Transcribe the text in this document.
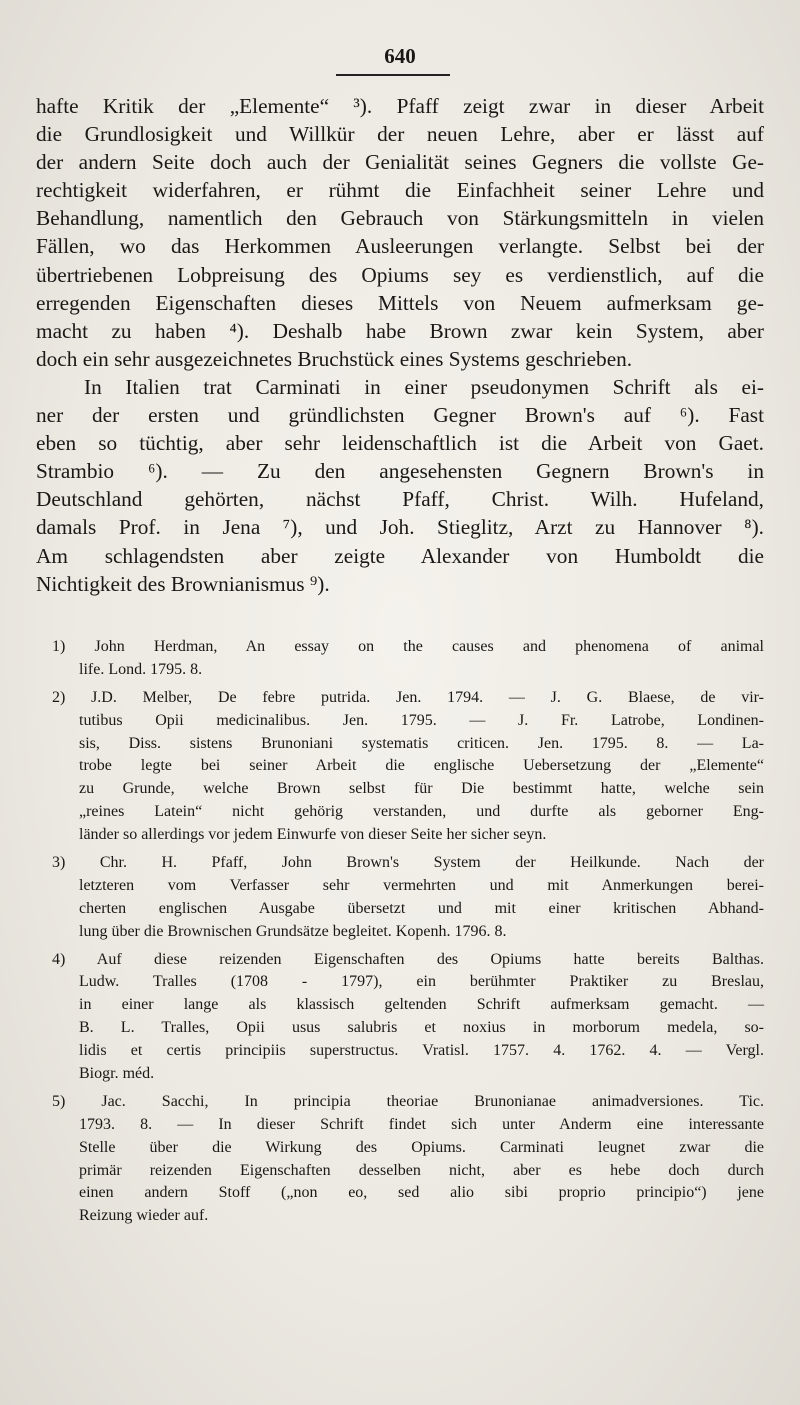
640
hafte Kritik der „Elemente“ ³). Pfaff zeigt zwar in dieser Arbeit
die Grundlosigkeit und Willkür der neuen Lehre, aber er lässt auf
der andern Seite doch auch der Genialität seines Gegners die vollste Ge-
rechtigkeit widerfahren, er rühmt die Einfachheit seiner Lehre und
Behandlung, namentlich den Gebrauch von Stärkungsmitteln in vielen
Fällen, wo das Herkommen Ausleerungen verlangte. Selbst bei der
übertriebenen Lobpreisung des Opiums sey es verdienstlich, auf die
erregenden Eigenschaften dieses Mittels von Neuem aufmerksam ge-
macht zu haben ⁴). Deshalb habe Brown zwar kein System, aber
doch ein sehr ausgezeichnetes Bruchstück eines Systems geschrieben.
In Italien trat Carminati in einer pseudonymen Schrift als ei-
ner der ersten und gründlichsten Gegner Brown's auf ⁶). Fast
eben so tüchtig, aber sehr leidenschaftlich ist die Arbeit von Gaet.
Strambio ⁶). — Zu den angesehensten Gegnern Brown's in
Deutschland gehörten, nächst Pfaff, Christ. Wilh. Hufeland,
damals Prof. in Jena ⁷), und Joh. Stieglitz, Arzt zu Hannover ⁸).
Am schlagendsten aber zeigte Alexander von Humboldt die
Nichtigkeit des Brownianismus ⁹).
1) John Herdman, An essay on the causes and phenomena of animal
life. Lond. 1795. 8.
2) J.D. Melber, De febre putrida. Jen. 1794. — J. G. Blaese, de vir-
tutibus Opii medicinalibus. Jen. 1795. — J. Fr. Latrobe, Londinen-
sis, Diss. sistens Brunoniani systematis criticen. Jen. 1795. 8. — La-
trobe legte bei seiner Arbeit die englische Uebersetzung der „Elemente“
zu Grunde, welche Brown selbst für Die bestimmt hatte, welche sein
„reines Latein“ nicht gehörig verstanden, und durfte als geborner Eng-
länder so allerdings vor jedem Einwurfe von dieser Seite her sicher seyn.
3) Chr. H. Pfaff, John Brown's System der Heilkunde. Nach der
letzteren vom Verfasser sehr vermehrten und mit Anmerkungen berei-
cherten englischen Ausgabe übersetzt und mit einer kritischen Abhand-
lung über die Brownischen Grundsätze begleitet. Kopenh. 1796. 8.
4) Auf diese reizenden Eigenschaften des Opiums hatte bereits Balthas.
Ludw. Tralles (1708 - 1797), ein berühmter Praktiker zu Breslau,
in einer lange als klassisch geltenden Schrift aufmerksam gemacht. —
B. L. Tralles, Opii usus salubris et noxius in morborum medela, so-
lidis et certis principiis superstructus. Vratisl. 1757. 4. 1762. 4. — Vergl.
Biogr. méd.
5) Jac. Sacchi, In principia theoriae Brunonianae animadversiones. Tic.
1793. 8. — In dieser Schrift findet sich unter Anderm eine interessante
Stelle über die Wirkung des Opiums. Carminati leugnet zwar die
primär reizenden Eigenschaften desselben nicht, aber es hebe doch durch
einen andern Stoff („non eo, sed alio sibi proprio principio“) jene
Reizung wieder auf.
